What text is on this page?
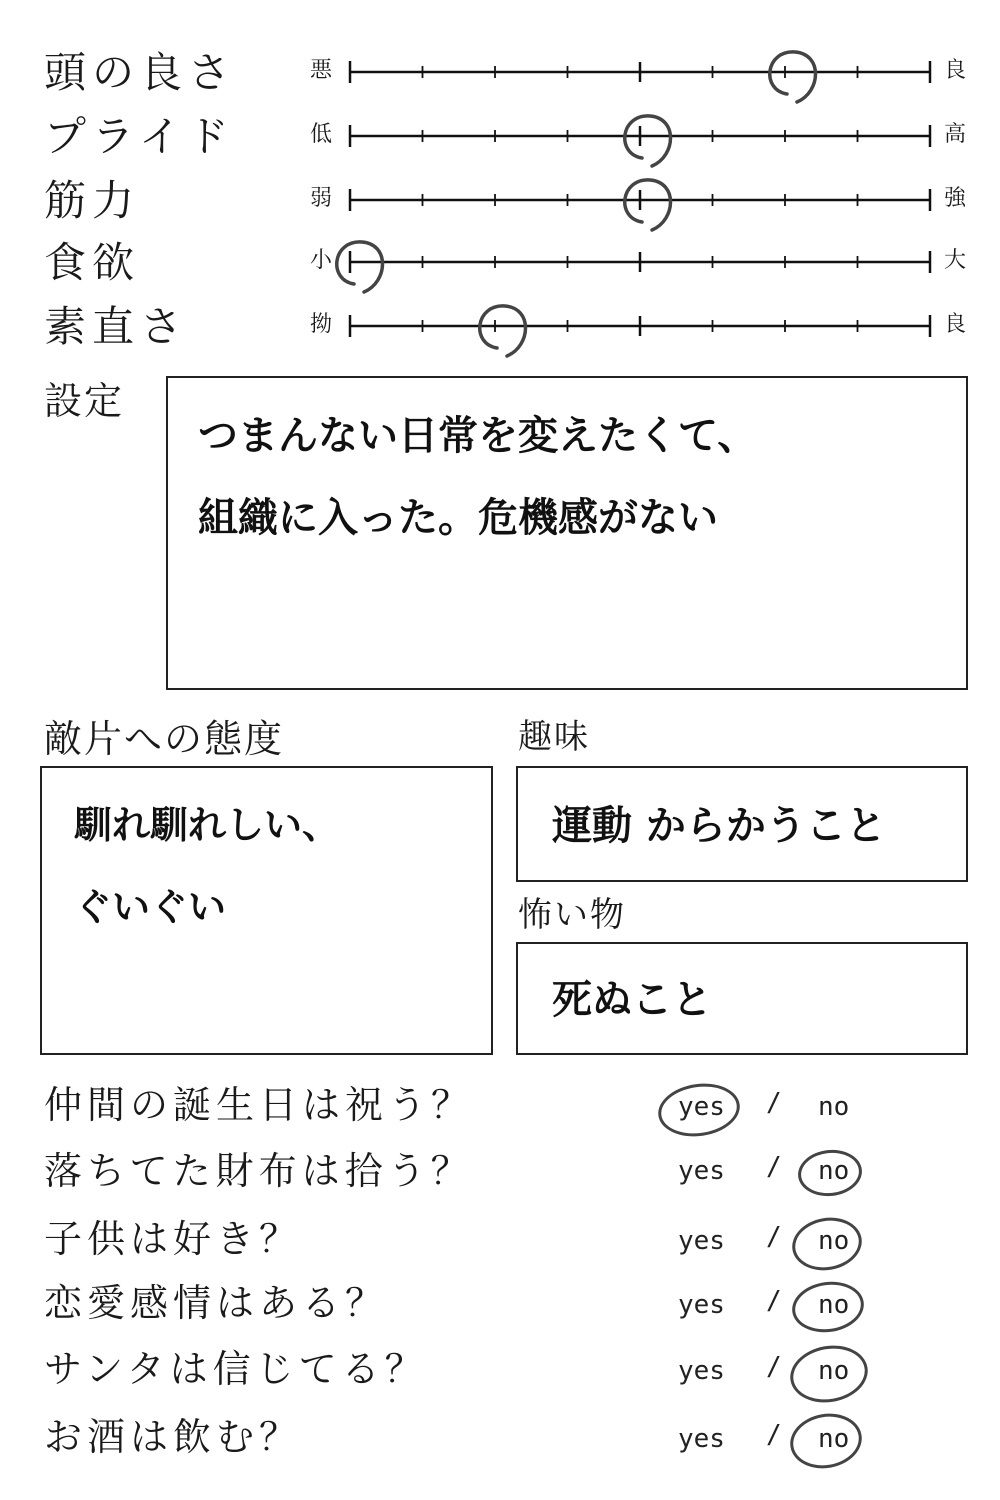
頭の良さ	悪	良
プライド	低	高
筋力	弱	強
食欲	小	大
素直さ	拗	良
設定
つまんない日常を変えたくて、
組織に入った。危機感がない
敵片への態度
馴れ馴れしい、
ぐいぐい
趣味
運動 からかうこと
怖い物
死ぬこと
仲間の誕生日は祝う？	yes / no
落ちてた財布は拾う？	yes / no
子供は好き？	yes / no
恋愛感情はある？	yes / no
サンタは信じてる？	yes / no
お酒は飲む？	yes / no
